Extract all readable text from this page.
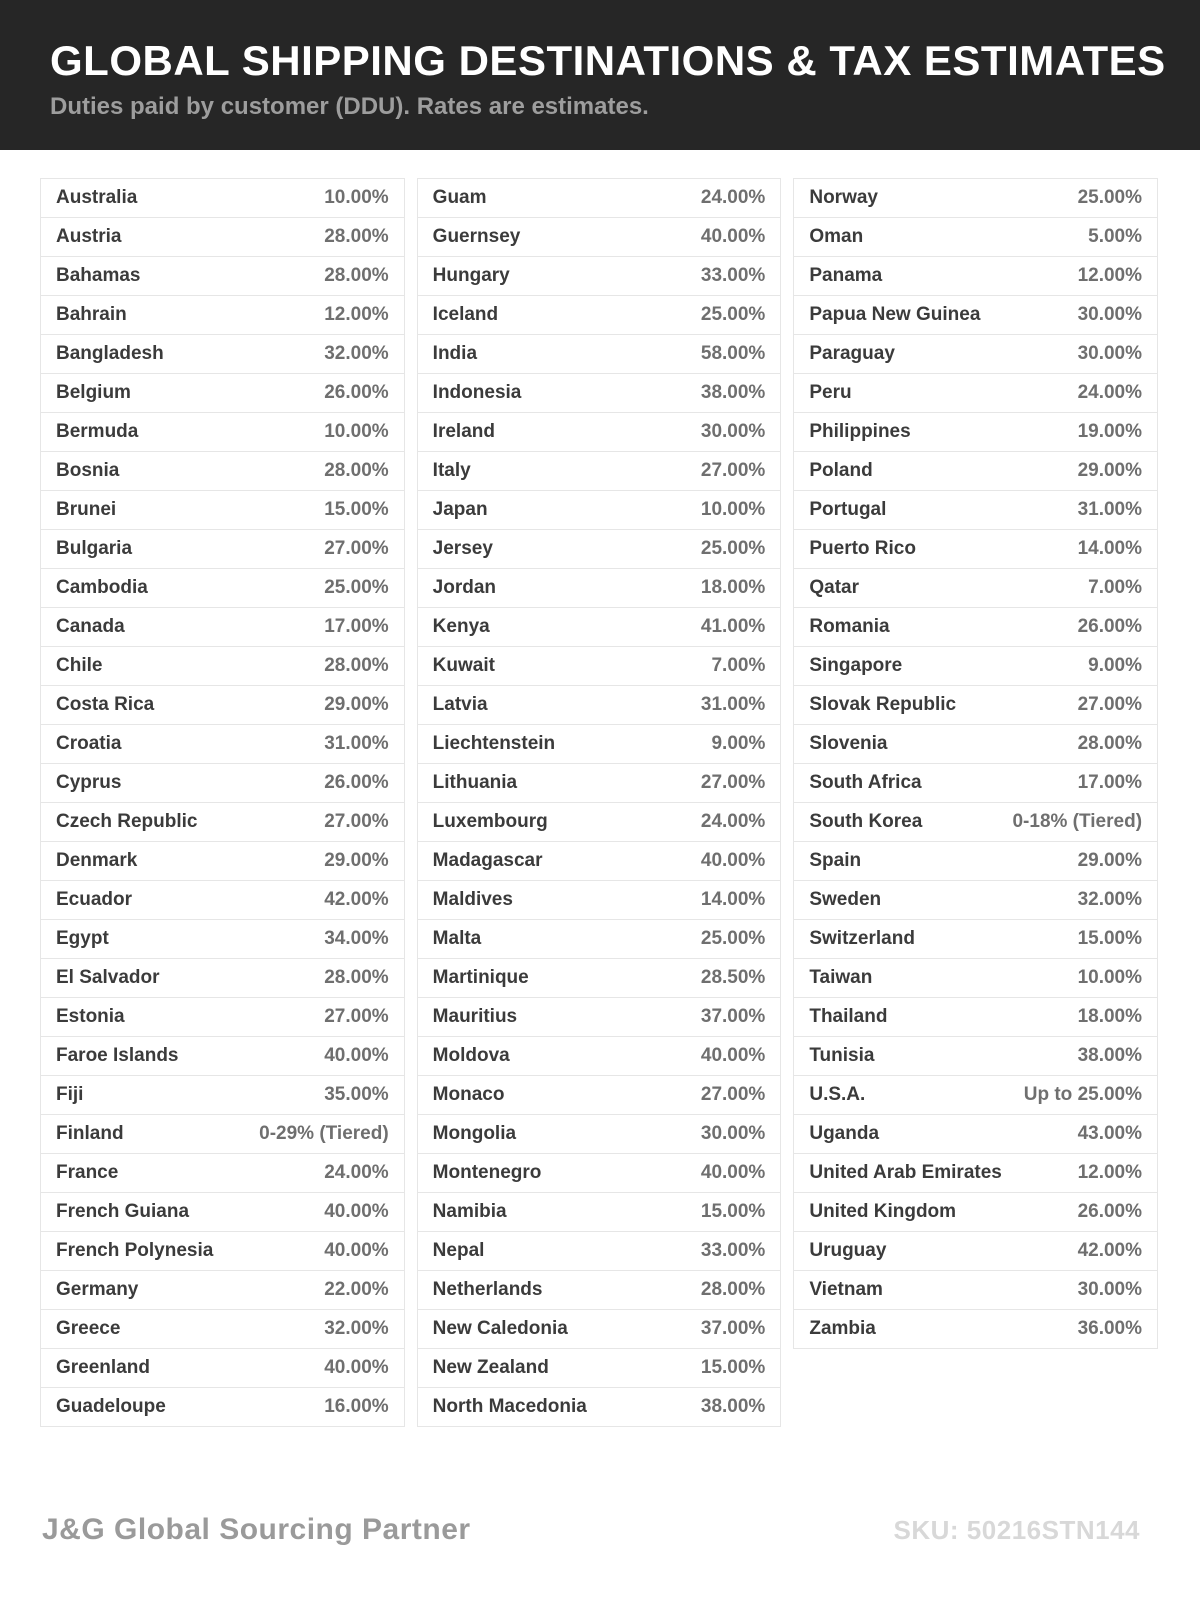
GLOBAL SHIPPING DESTINATIONS & TAX ESTIMATES
Duties paid by customer (DDU). Rates are estimates.
Australia	10.00%
Austria	28.00%
Bahamas	28.00%
Bahrain	12.00%
Bangladesh	32.00%
Belgium	26.00%
Bermuda	10.00%
Bosnia	28.00%
Brunei	15.00%
Bulgaria	27.00%
Cambodia	25.00%
Canada	17.00%
Chile	28.00%
Costa Rica	29.00%
Croatia	31.00%
Cyprus	26.00%
Czech Republic	27.00%
Denmark	29.00%
Ecuador	42.00%
Egypt	34.00%
El Salvador	28.00%
Estonia	27.00%
Faroe Islands	40.00%
Fiji	35.00%
Finland	0-29% (Tiered)
France	24.00%
French Guiana	40.00%
French Polynesia	40.00%
Germany	22.00%
Greece	32.00%
Greenland	40.00%
Guadeloupe	16.00%
Guam	24.00%
Guernsey	40.00%
Hungary	33.00%
Iceland	25.00%
India	58.00%
Indonesia	38.00%
Ireland	30.00%
Italy	27.00%
Japan	10.00%
Jersey	25.00%
Jordan	18.00%
Kenya	41.00%
Kuwait	7.00%
Latvia	31.00%
Liechtenstein	9.00%
Lithuania	27.00%
Luxembourg	24.00%
Madagascar	40.00%
Maldives	14.00%
Malta	25.00%
Martinique	28.50%
Mauritius	37.00%
Moldova	40.00%
Monaco	27.00%
Mongolia	30.00%
Montenegro	40.00%
Namibia	15.00%
Nepal	33.00%
Netherlands	28.00%
New Caledonia	37.00%
New Zealand	15.00%
North Macedonia	38.00%
Norway	25.00%
Oman	5.00%
Panama	12.00%
Papua New Guinea	30.00%
Paraguay	30.00%
Peru	24.00%
Philippines	19.00%
Poland	29.00%
Portugal	31.00%
Puerto Rico	14.00%
Qatar	7.00%
Romania	26.00%
Singapore	9.00%
Slovak Republic	27.00%
Slovenia	28.00%
South Africa	17.00%
South Korea	0-18% (Tiered)
Spain	29.00%
Sweden	32.00%
Switzerland	15.00%
Taiwan	10.00%
Thailand	18.00%
Tunisia	38.00%
U.S.A.	Up to 25.00%
Uganda	43.00%
United Arab Emirates	12.00%
United Kingdom	26.00%
Uruguay	42.00%
Vietnam	30.00%
Zambia	36.00%
J&G Global Sourcing Partner	SKU: 50216STN144
